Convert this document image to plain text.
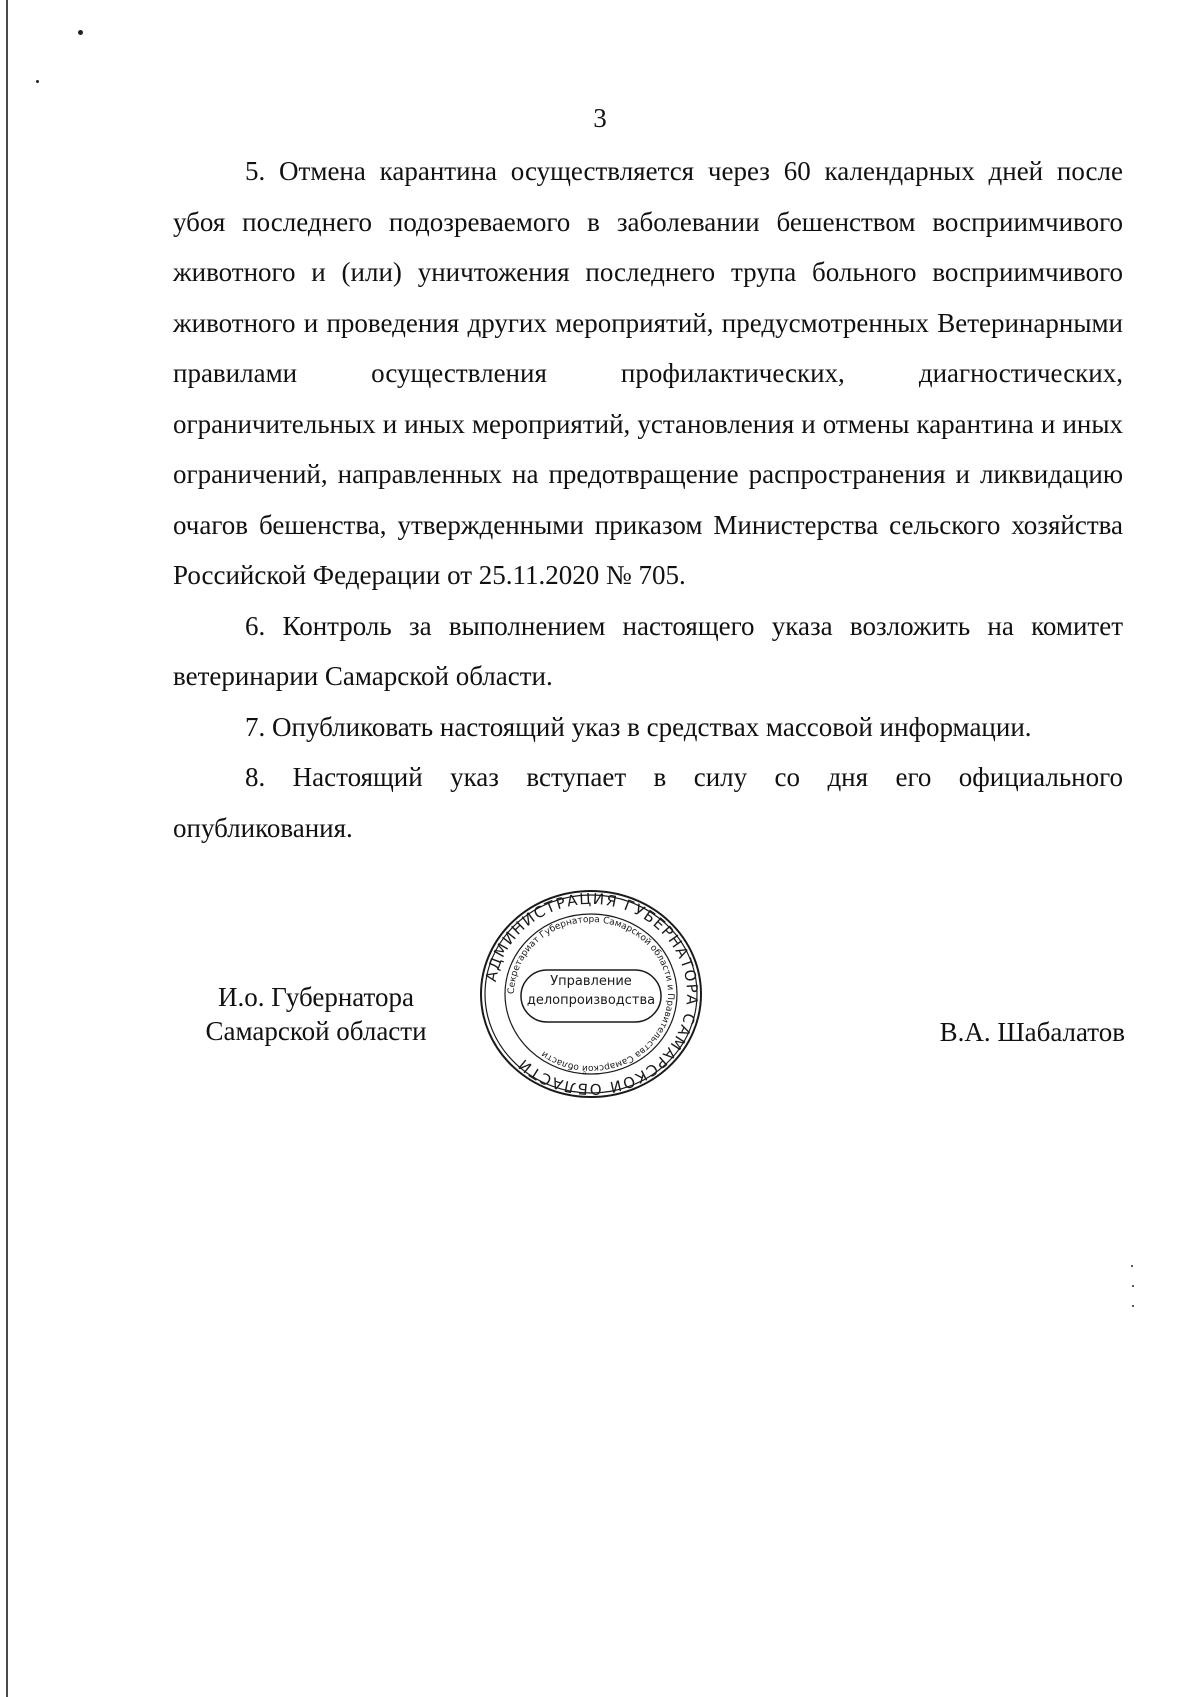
3

5. Отмена карантина осуществляется через 60 календарных дней после убоя последнего подозреваемого в заболевании бешенством восприимчивого животного и (или) уничтожения последнего трупа больного восприимчивого животного и проведения других мероприятий, предусмотренных Ветеринарными правилами осуществления профилактических, диагностических, ограничительных и иных мероприятий, установления и отмены карантина и иных ограничений, направленных на предотвращение распространения и ликвидацию очагов бешенства, утвержденными приказом Министерства сельского хозяйства Российской Федерации от 25.11.2020 № 705.

6. Контроль за выполнением настоящего указа возложить на комитет ветеринарии Самарской области.

7. Опубликовать настоящий указ в средствах массовой информации.

8. Настоящий указ вступает в силу со дня его официального опубликования.

И.о. Губернатора
Самарской области
АДМИНИСТРАЦИЯ ГУБЕРНАТОРА САМАРСКОЙ ОБЛАСТИ
Секретариат Губернатора Самарской области и Правительства Самарской области
Управление
делопроизводства
В.А. Шабалатов
